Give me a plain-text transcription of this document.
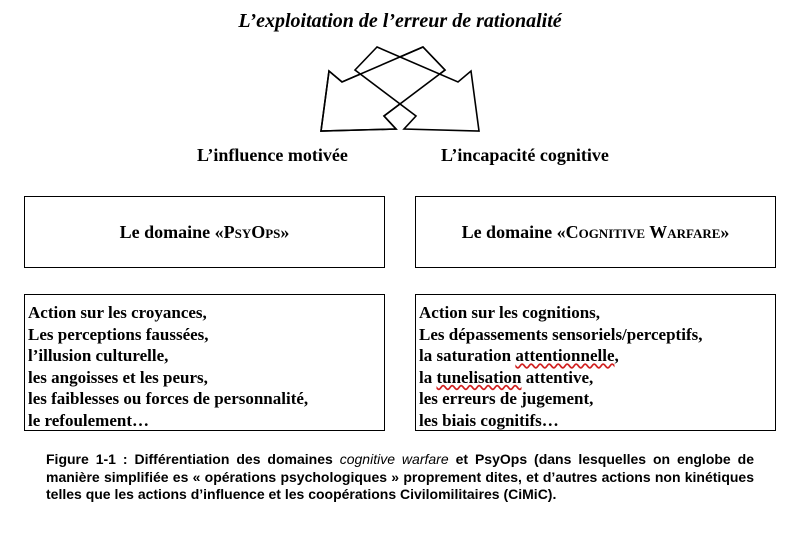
L’exploitation de l’erreur de rationalité
L’influence motivée	L’incapacité cognitive
Le domaine « PsyOps »	Le domaine « Cognitive Warfare »
Action sur les croyances,
Les perceptions faussées,
l’illusion culturelle,
les angoisses et les peurs,
les faiblesses ou forces de personnalité,
le refoulement…
Action sur les cognitions,
Les dépassements sensoriels/perceptifs,
la saturation attentionnelle,
la tunelisation attentive,
les erreurs de jugement,
les biais cognitifs…
Figure 1-1 : Différentiation des domaines cognitive warfare et PsyOps (dans lesquelles on englobe de manière simplifiée es « opérations psychologiques » proprement dites, et d’autres actions non kinétiques telles que les actions d’influence et les coopérations Civilomilitaires (CiMiC).
